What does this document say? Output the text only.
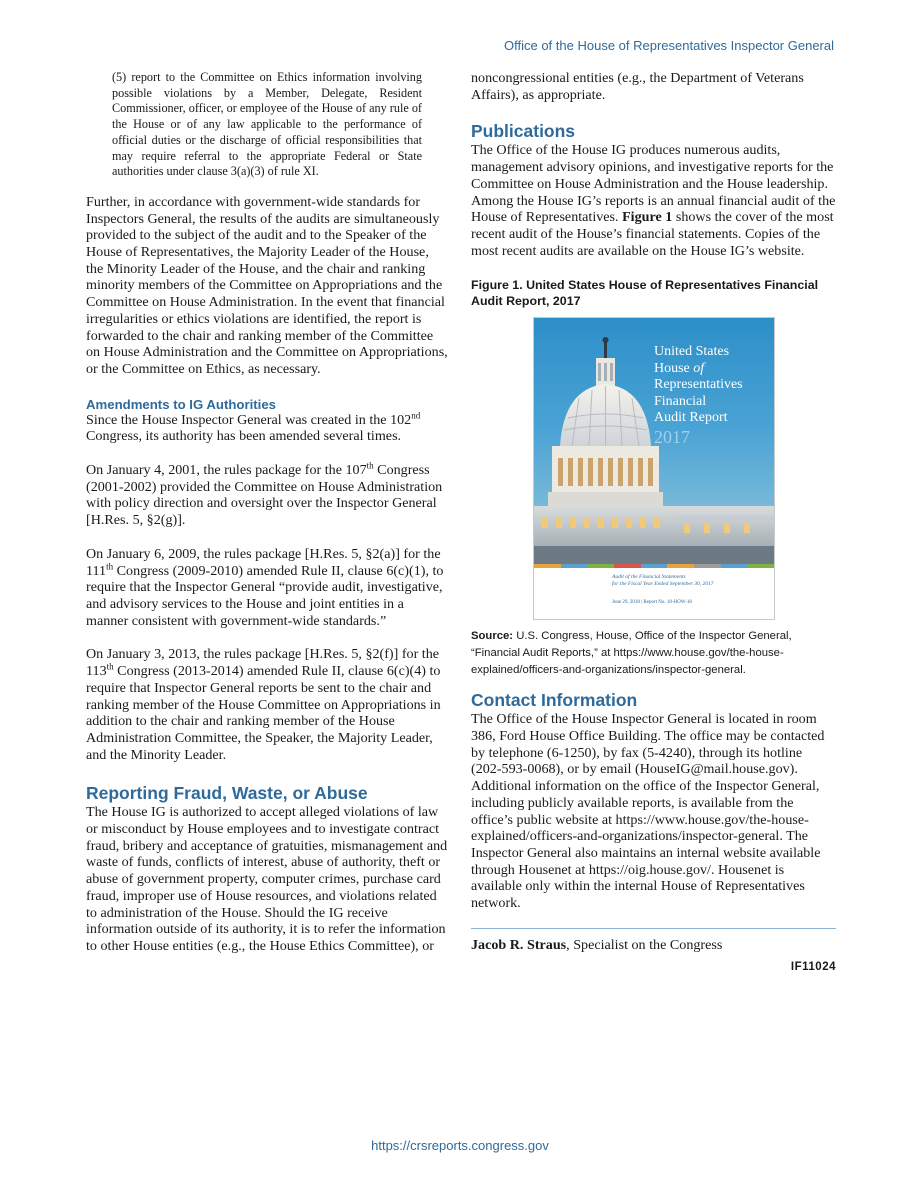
Office of the House of Representatives Inspector General
(5) report to the Committee on Ethics information involving possible violations by a Member, Delegate, Resident Commissioner, officer, or employee of the House of any rule of the House or of any law applicable to the performance of official duties or the discharge of official responsibilities that may require referral to the appropriate Federal or State authorities under clause 3(a)(3) of rule XI.

Further, in accordance with government-wide standards for Inspectors General, the results of the audits are simultaneously provided to the subject of the audit and to the Speaker of the House of Representatives, the Majority Leader of the House, the Minority Leader of the House, and the chair and ranking minority members of the Committee on Appropriations and the Committee on House Administration. In the event that financial irregularities or ethics violations are identified, the report is forwarded to the chair and ranking member of the Committee on House Administration and the Committee on Appropriations, or the Committee on Ethics, as necessary.

Amendments to IG Authorities

Since the House Inspector General was created in the 102nd Congress, its authority has been amended several times.

On January 4, 2001, the rules package for the 107th Congress (2001-2002) provided the Committee on House Administration with policy direction and oversight over the Inspector General [H.Res. 5, §2(g)].

On January 6, 2009, the rules package [H.Res. 5, §2(a)] for the 111th Congress (2009-2010) amended Rule II, clause 6(c)(1), to require that the Inspector General “provide audit, investigative, and advisory services to the House and joint entities in a manner consistent with government-wide standards.”

On January 3, 2013, the rules package [H.Res. 5, §2(f)] for the 113th Congress (2013-2014) amended Rule II, clause 6(c)(4) to require that Inspector General reports be sent to the chair and ranking member of the House Committee on Appropriations in addition to the chair and ranking member of the House Administration Committee, the Speaker, the Majority Leader, and the Minority Leader.

Reporting Fraud, Waste, or Abuse

The House IG is authorized to accept alleged violations of law or misconduct by House employees and to investigate contract fraud, bribery and acceptance of gratuities, mismanagement and waste of funds, conflicts of interest, abuse of authority, theft or abuse of government property, computer crimes, purchase card fraud, improper use of House resources, and violations related to administration of the House. Should the IG receive information outside of its authority, it is to refer the information to other House entities (e.g., the House Ethics Committee), or

noncongressional entities (e.g., the Department of Veterans Affairs), as appropriate.

Publications

The Office of the House IG produces numerous audits, management advisory opinions, and investigative reports for the Committee on House Administration and the House leadership. Among the House IG’s reports is an annual financial audit of the House of Representatives. Figure 1 shows the cover of the most recent audit of the House’s financial statements. Copies of the most recent audits are available on the House IG’s website.

Figure 1. United States House of Representatives Financial Audit Report, 2017
United States
House of
Representatives
Financial
Audit Report
2017
Audit of the Financial Statements
for the Fiscal Year Ended September 30, 2017
June 29, 2018 | Report No. 18-HOW-18
Source: U.S. Congress, House, Office of the Inspector General, “Financial Audit Reports,” at https://www.house.gov/the-house-explained/officers-and-organizations/inspector-general.
Contact Information

The Office of the House Inspector General is located in room 386, Ford House Office Building. The office may be contacted by telephone (6-1250), by fax (5-4240), through its hotline (202-593-0068), or by email (HouseIG@mail.house.gov). Additional information on the office of the Inspector General, including publicly available reports, is available from the office’s public website at https://www.house.gov/the-house-explained/officers-and-organizations/inspector-general. The Inspector General also maintains an internal website available through Housenet at https://oig.house.gov/. Housenet is available only within the internal House of Representatives network.

Jacob R. Straus, Specialist on the Congress

IF11024
https://crsreports.congress.gov
